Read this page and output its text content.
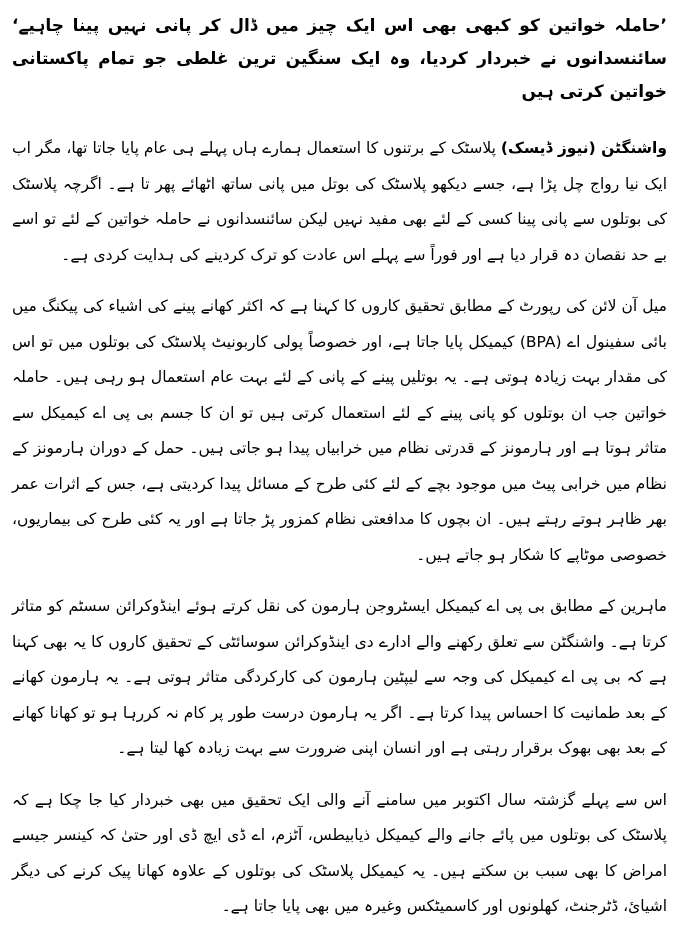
’حاملہ خواتین کو کبھی بھی اس ایک چیز میں ڈال کر پانی نہیں پینا چاہیے‘ سائنسدانوں نے خبردار کردیا، وہ ایک سنگین ترین غلطی جو تمام پاکستانی خواتین کرتی ہیں

واشنگٹن (نیوز ڈیسک) پلاسٹک کے برتنوں کا استعمال ہمارے ہاں پہلے ہی عام پایا جاتا تھا، مگر اب ایک نیا رواج چل پڑا ہے، جسے دیکھو پلاسٹک کی بوتل میں پانی ساتھ اٹھائے پھر تا ہے۔ اگرچہ پلاسٹک کی بوتلوں سے پانی پینا کسی کے لئے بھی مفید نہیں لیکن سائنسدانوں نے حاملہ خواتین کے لئے تو اسے بے حد نقصان دہ قرار دیا ہے اور فوراً سے پہلے اس عادت کو ترک کردینے کی ہدایت کردی ہے۔

میل آن لائن کی رپورٹ کے مطابق تحقیق کاروں کا کہنا ہے کہ اکثر کھانے پینے کی اشیاء کی پیکنگ میں بائی سفینول اے (BPA) کیمیکل پایا جاتا ہے، اور خصوصاً پولی کاربونیٹ پلاسٹک کی بوتلوں میں تو اس کی مقدار بہت زیادہ ہوتی ہے۔ یہ بوتلیں پینے کے پانی کے لئے بہت عام استعمال ہو رہی ہیں۔ حاملہ خواتین جب ان بوتلوں کو پانی پینے کے لئے استعمال کرتی ہیں تو ان کا جسم بی پی اے کیمیکل سے متاثر ہوتا ہے اور ہارمونز کے قدرتی نظام میں خرابیاں پیدا ہو جاتی ہیں۔ حمل کے دوران ہارمونز کے نظام میں خرابی پیٹ میں موجود بچے کے لئے کئی طرح کے مسائل پیدا کردیتی ہے، جس کے اثرات عمر بھر ظاہر ہوتے رہتے ہیں۔ ان بچوں کا مدافعتی نظام کمزور پڑ جاتا ہے اور یہ کئی طرح کی بیماریوں، خصوصی موٹاپے کا شکار ہو جاتے ہیں۔

ماہرین کے مطابق بی پی اے کیمیکل ایسٹروجن ہارمون کی نقل کرتے ہوئے اینڈوکرائن سسٹم کو متاثر کرتا ہے۔ واشنگٹن سے تعلق رکھنے والے ادارے دی اینڈوکرائن سوسائٹی کے تحقیق کاروں کا یہ بھی کہنا ہے کہ بی پی اے کیمیکل کی وجہ سے لیپٹین ہارمون کی کارکردگی متاثر ہوتی ہے۔ یہ ہارمون کھانے کے بعد طمانیت کا احساس پیدا کرتا ہے۔ اگر یہ ہارمون درست طور پر کام نہ کررہا ہو تو کھانا کھانے کے بعد بھی بھوک برقرار رہتی ہے اور انسان اپنی ضرورت سے بہت زیادہ کھا لیتا ہے۔

اس سے پہلے گزشتہ سال اکتوبر میں سامنے آنے والی ایک تحقیق میں بھی خبردار کیا جا چکا ہے کہ پلاسٹک کی بوتلوں میں پائے جانے والے کیمیکل ذیابیطس، آٹزم، اے ڈی ایچ ڈی اور حتیٰ کہ کینسر جیسے امراض کا بھی سبب بن سکتے ہیں۔ یہ کیمیکل پلاسٹک کی بوتلوں کے علاوہ کھانا پیک کرنے کی دیگر اشیائ، ڈٹرجنٹ، کھلونوں اور کاسمیٹکس وغیرہ میں بھی پایا جاتا ہے۔
